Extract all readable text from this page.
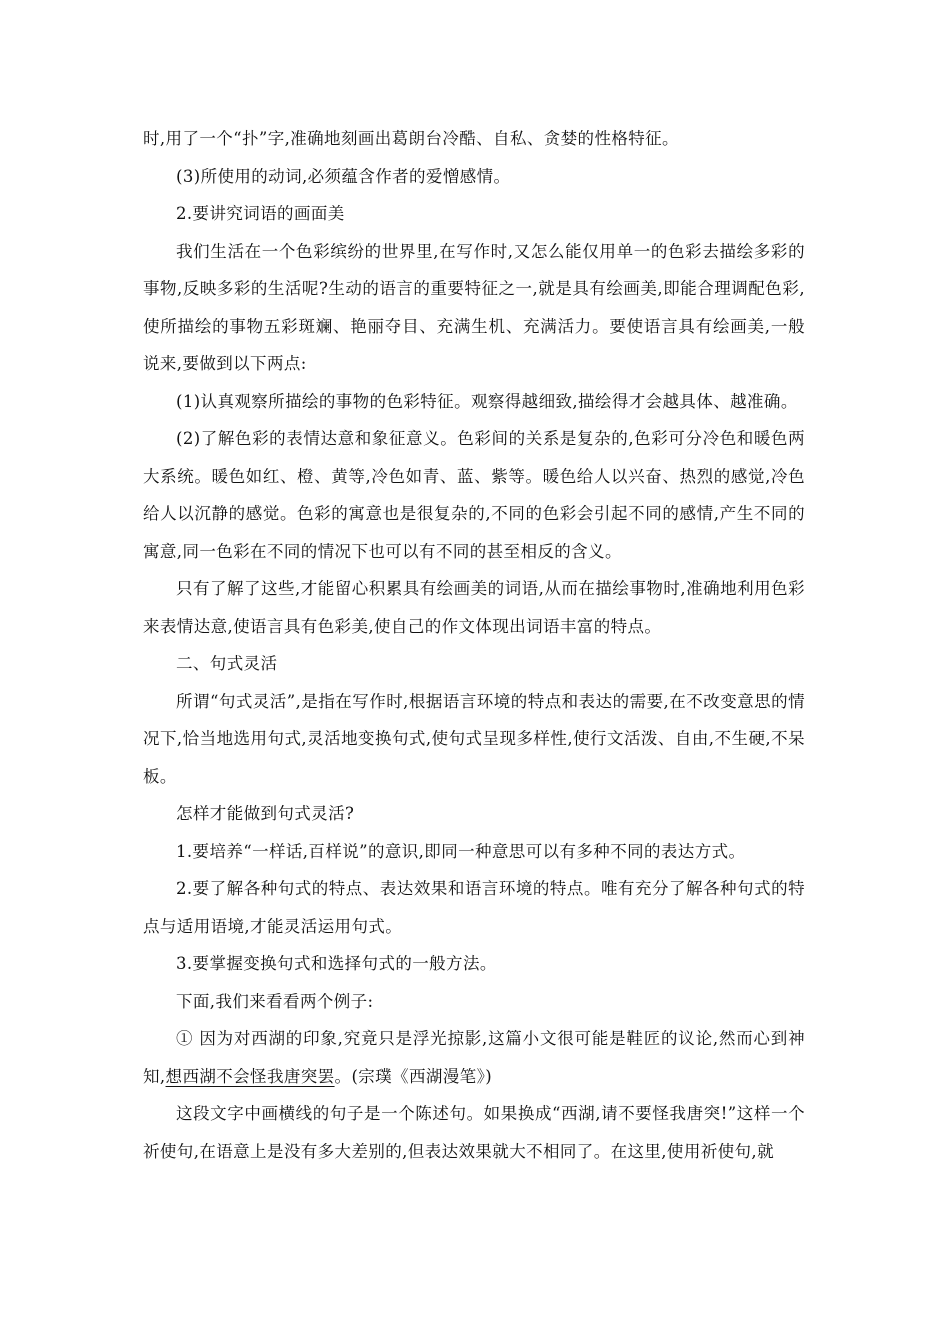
时,用了一个“扑”字,准确地刻画出葛朗台冷酷、自私、贪婪的性格特征。

(3)所使用的动词,必须蕴含作者的爱憎感情。

2.要讲究词语的画面美

我们生活在一个色彩缤纷的世界里,在写作时,又怎么能仅用单一的色彩去描绘多彩的事物,反映多彩的生活呢?生动的语言的重要特征之一,就是具有绘画美,即能合理调配色彩,使所描绘的事物五彩斑斓、艳丽夺目、充满生机、充满活力。要使语言具有绘画美,一般说来,要做到以下两点:

(1)认真观察所描绘的事物的色彩特征。观察得越细致,描绘得才会越具体、越准确。

(2)了解色彩的表情达意和象征意义。色彩间的关系是复杂的,色彩可分冷色和暖色两大系统。暖色如红、橙、黄等,冷色如青、蓝、紫等。暖色给人以兴奋、热烈的感觉,冷色给人以沉静的感觉。色彩的寓意也是很复杂的,不同的色彩会引起不同的感情,产生不同的寓意,同一色彩在不同的情况下也可以有不同的甚至相反的含义。

只有了解了这些,才能留心积累具有绘画美的词语,从而在描绘事物时,准确地利用色彩来表情达意,使语言具有色彩美,使自己的作文体现出词语丰富的特点。

二、句式灵活

所谓“句式灵活”,是指在写作时,根据语言环境的特点和表达的需要,在不改变意思的情况下,恰当地选用句式,灵活地变换句式,使句式呈现多样性,使行文活泼、自由,不生硬,不呆板。

怎样才能做到句式灵活?

1.要培养“一样话,百样说”的意识,即同一种意思可以有多种不同的表达方式。

2.要了解各种句式的特点、表达效果和语言环境的特点。唯有充分了解各种句式的特点与适用语境,才能灵活运用句式。

3.要掌握变换句式和选择句式的一般方法。

下面,我们来看看两个例子:

① 因为对西湖的印象,究竟只是浮光掠影,这篇小文很可能是鞋匠的议论,然而心到神知,想西湖不会怪我唐突罢。(宗璞《西湖漫笔》)

这段文字中画横线的句子是一个陈述句。如果换成“西湖,请不要怪我唐突!”这样一个祈使句,在语意上是没有多大差别的,但表达效果就大不相同了。在这里,使用祈使句,就
